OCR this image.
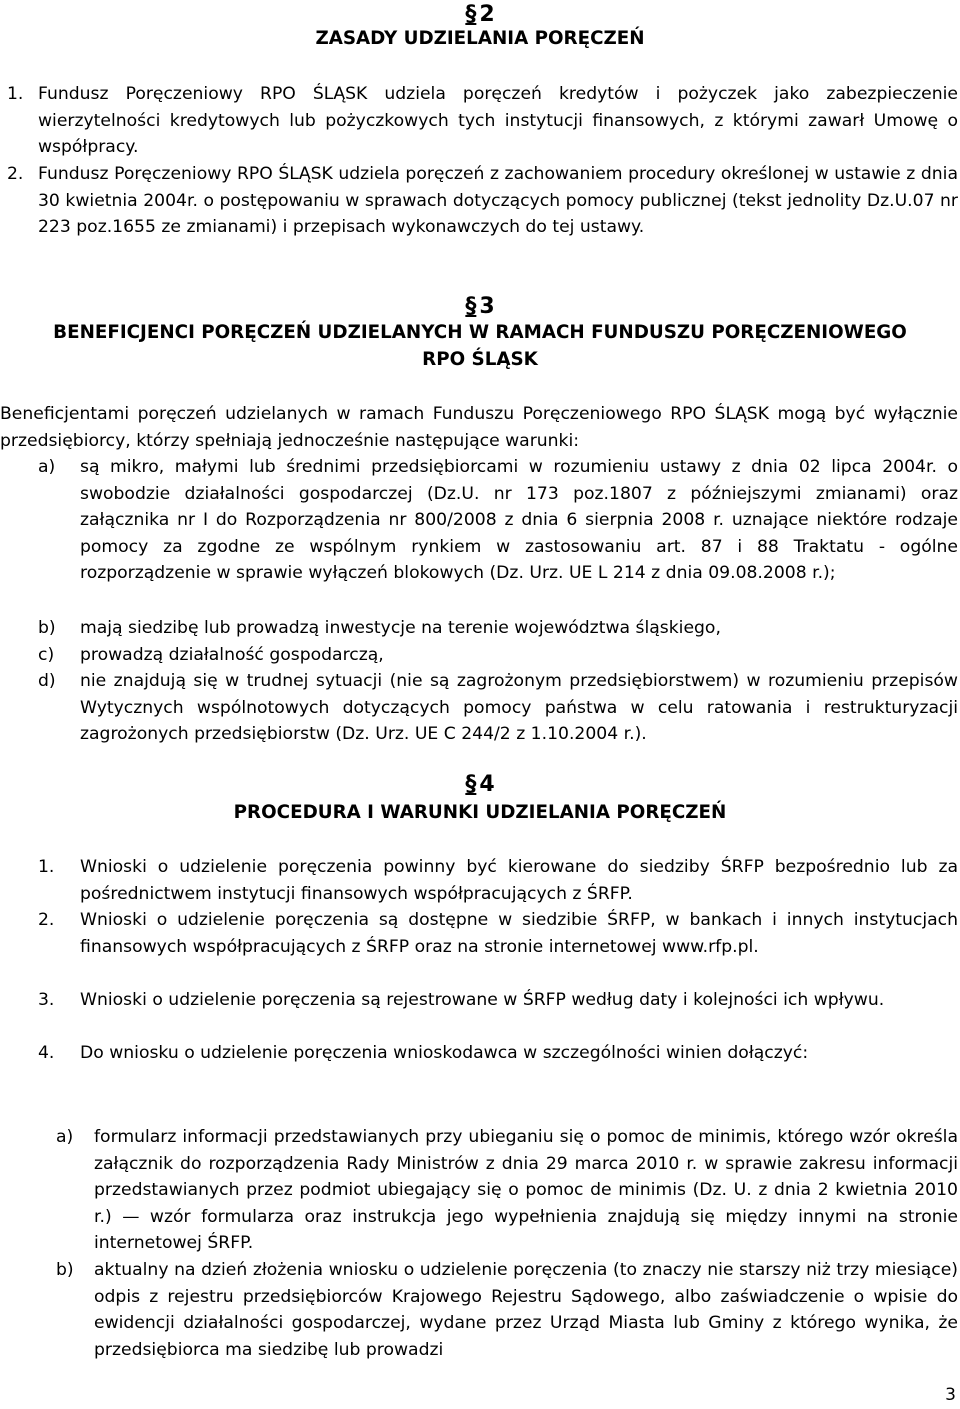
§ 2
ZASADY UDZIELANIA PORĘCZEŃ
1. Fundusz Poręczeniowy RPO ŚLĄSK udziela poręczeń kredytów i pożyczek jako zabezpieczenie wierzytelności kredytowych lub pożyczkowych tych instytucji finansowych, z którymi zawarł Umowę o współpracy.
2. Fundusz Poręczeniowy RPO ŚLĄSK udziela poręczeń z zachowaniem procedury określonej w ustawie z dnia 30 kwietnia 2004r. o postępowaniu w sprawach dotyczących pomocy publicznej (tekst jednolity Dz.U.07 nr 223 poz.1655 ze zmianami) i przepisach wykonawczych do tej ustawy.
§ 3
BENEFICJENCI PORĘCZEŃ UDZIELANYCH W RAMACH FUNDUSZU PORĘCZENIOWEGO
RPO ŚLĄSK
Beneficjentami poręczeń udzielanych w ramach Funduszu Poręczeniowego RPO ŚLĄSK mogą być wyłącznie przedsiębiorcy, którzy spełniają jednocześnie następujące warunki:
a) są mikro, małymi lub średnimi przedsiębiorcami w rozumieniu ustawy z dnia 02 lipca 2004r. o swobodzie działalności gospodarczej (Dz.U. nr 173 poz.1807 z późniejszymi zmianami) oraz załącznika nr I do Rozporządzenia nr 800/2008 z dnia 6 sierpnia 2008 r. uznające niektóre rodzaje pomocy za zgodne ze wspólnym rynkiem w zastosowaniu art. 87 i 88 Traktatu - ogólne rozporządzenie w sprawie wyłączeń blokowych (Dz. Urz. UE L 214 z dnia 09.08.2008 r.);
b) mają siedzibę lub prowadzą inwestycje na terenie województwa śląskiego,
c) prowadzą działalność gospodarczą,
d) nie znajdują się w trudnej sytuacji (nie są zagrożonym przedsiębiorstwem) w rozumieniu przepisów Wytycznych wspólnotowych dotyczących pomocy państwa w celu ratowania i restrukturyzacji zagrożonych przedsiębiorstw (Dz. Urz. UE C 244/2 z 1.10.2004 r.).
§ 4
PROCEDURA I WARUNKI UDZIELANIA PORĘCZEŃ
1. Wnioski o udzielenie poręczenia powinny być kierowane do siedziby ŚRFP bezpośrednio lub za pośrednictwem instytucji finansowych współpracujących z ŚRFP.
2. Wnioski o udzielenie poręczenia są dostępne w siedzibie ŚRFP, w bankach i innych instytucjach finansowych współpracujących z ŚRFP oraz na stronie internetowej www.rfp.pl.
3. Wnioski o udzielenie poręczenia są rejestrowane w ŚRFP według daty i kolejności ich wpływu.
4. Do wniosku o udzielenie poręczenia wnioskodawca w szczególności winien dołączyć:
a) formularz informacji przedstawianych przy ubieganiu się o pomoc de minimis, którego wzór określa załącznik do rozporządzenia Rady Ministrów z dnia 29 marca 2010 r. w sprawie zakresu informacji przedstawianych przez podmiot ubiegający się o pomoc de minimis (Dz. U. z dnia 2 kwietnia 2010 r.) — wzór formularza oraz instrukcja jego wypełnienia znajdują się między innymi na stronie internetowej ŚRFP.
b) aktualny na dzień złożenia wniosku o udzielenie poręczenia (to znaczy nie starszy niż trzy miesiące) odpis z rejestru przedsiębiorców Krajowego Rejestru Sądowego, albo zaświadczenie o wpisie do ewidencji działalności gospodarczej, wydane przez Urząd Miasta lub Gminy z którego wynika, że przedsiębiorca ma siedzibę lub prowadzi
3
